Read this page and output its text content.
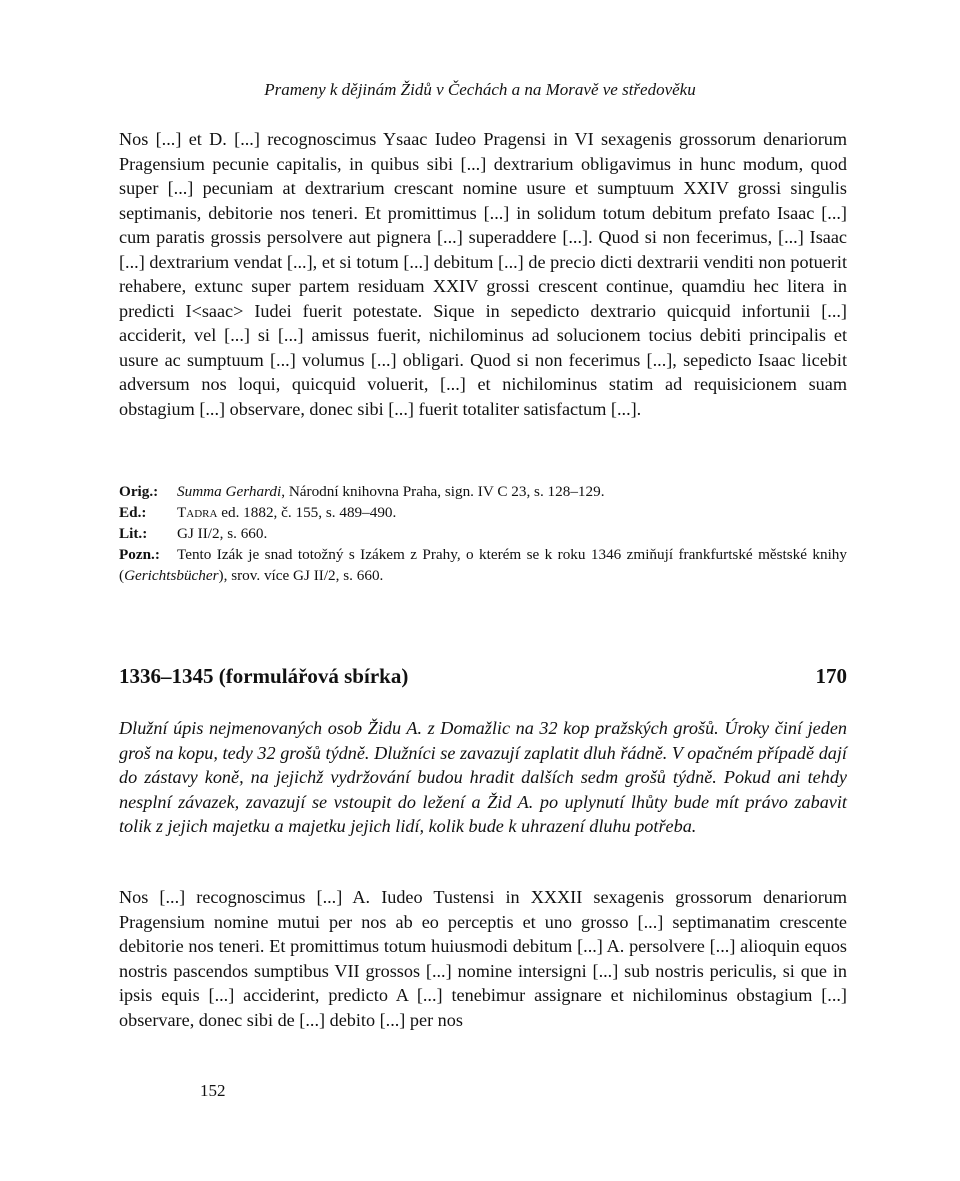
Prameny k dějinám Židů v Čechách a na Moravě ve středověku

Nos [...] et D. [...] recognoscimus Ysaac Iudeo Pragensi in VI sexagenis grossorum denariorum Pragensium pecunie capitalis, in quibus sibi [...] dextrarium obligavimus in hunc modum, quod super [...] pecuniam at dextrarium crescant nomine usure et sumptuum XXIV grossi singulis septimanis, debitorie nos teneri. Et promittimus [...] in solidum totum debitum prefato Isaac [...] cum paratis grossis persolvere aut pignera [...] superaddere [...]. Quod si non fecerimus, [...] Isaac [...] dextrarium vendat [...], et si totum [...] debitum [...] de precio dicti dextrarii venditi non potuerit rehabere, extunc super partem residuam XXIV grossi crescent continue, quamdiu hec litera in predicti I<saac> Iudei fuerit potestate. Sique in sepedicto dextrario quicquid infortunii [...] acciderit, vel [...] si [...] amissus fuerit, nichilominus ad solucionem tocius debiti principalis et usure ac sumptuum [...] volumus [...] obligari. Quod si non fecerimus [...], sepedicto Isaac licebit adversum nos loqui, quicquid voluerit, [...] et nichilominus statim ad requisicionem suam obstagium [...] observare, donec sibi [...] fuerit totaliter satisfactum [...].

Orig.: Summa Gerhardi, Národní knihovna Praha, sign. IV C 23, s. 128–129.

Ed.: Tadra ed. 1882, č. 155, s. 489–490.

Lit.: GJ II/2, s. 660.

Pozn.: Tento Izák je snad totožný s Izákem z Prahy, o kterém se k roku 1346 zmiňují frankfurtské městské knihy (Gerichtsbücher), srov. více GJ II/2, s. 660.

1336–1345 (formulářová sbírka)	170

Dlužní úpis nejmenovaných osob Židu A. z Domažlic na 32 kop pražských grošů. Úroky činí jeden groš na kopu, tedy 32 grošů týdně. Dlužníci se zavazují zaplatit dluh řádně. V opačném případě dají do zástavy koně, na jejichž vydržování budou hradit dalších sedm grošů týdně. Pokud ani tehdy nesplní závazek, zavazují se vstoupit do ležení a Žid A. po uplynutí lhůty bude mít právo zabavit tolik z jejich majetku a majetku jejich lidí, kolik bude k uhrazení dluhu potřeba.

Nos [...] recognoscimus [...] A. Iudeo Tustensi in XXXII sexagenis grossorum denariorum Pragensium nomine mutui per nos ab eo perceptis et uno grosso [...] septimanatim crescente debitorie nos teneri. Et promittimus totum huiusmodi debitum [...] A. persolvere [...] alioquin equos nostris pascendos sumptibus VII grossos [...] nomine intersigni [...] sub nostris periculis, si que in ipsis equis [...] acciderint, predicto A [...] tenebimur assignare et nichilominus obstagium [...] observare, donec sibi de [...] debito [...] per nos

152
